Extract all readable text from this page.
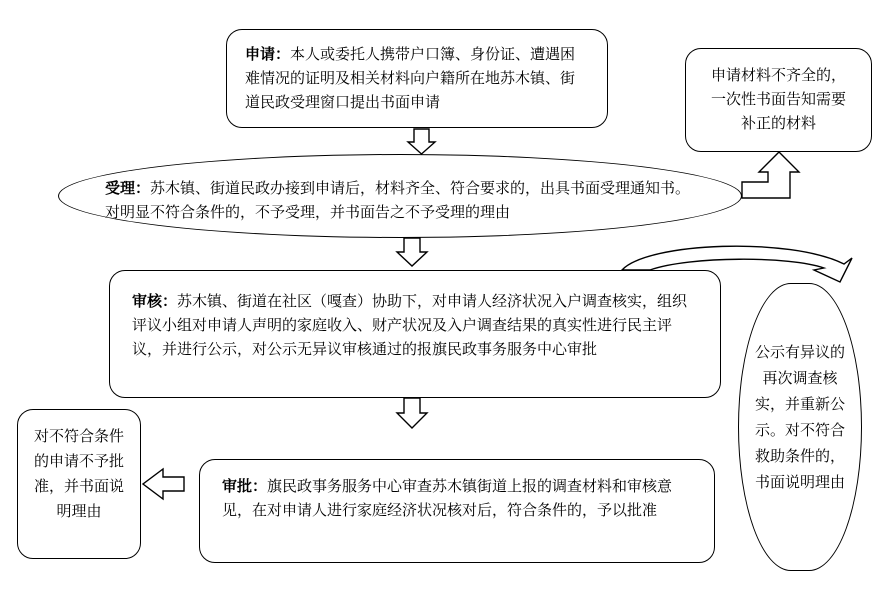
申请：本人或委托人携带户口簿、身份证、遭遇困难情况的证明及相关材料向户籍所在地苏木镇、街道民政受理窗口提出书面申请
申请材料不齐全的，一次性书面告知需要补正的材料
受理：苏木镇、街道民政办接到申请后，材料齐全、符合要求的，出具书面受理通知书。对明显不符合条件的，不予受理，并书面告之不予受理的理由
审核：苏木镇、街道在社区（嘎查）协助下，对申请人经济状况入户调查核实，组织评议小组对申请人声明的家庭收入、财产状况及入户调查结果的真实性进行民主评议，并进行公示，对公示无异议审核通过的报旗民政事务服务中心审批	公示有异议的再次调查核实，并重新公示。对不符合救助条件的，书面说明理由
对不符合条件的申请不予批准，并书面说明理由
审批：旗民政事务服务中心审查苏木镇街道上报的调查材料和审核意见，在对申请人进行家庭经济状况核对后，符合条件的，予以批准
